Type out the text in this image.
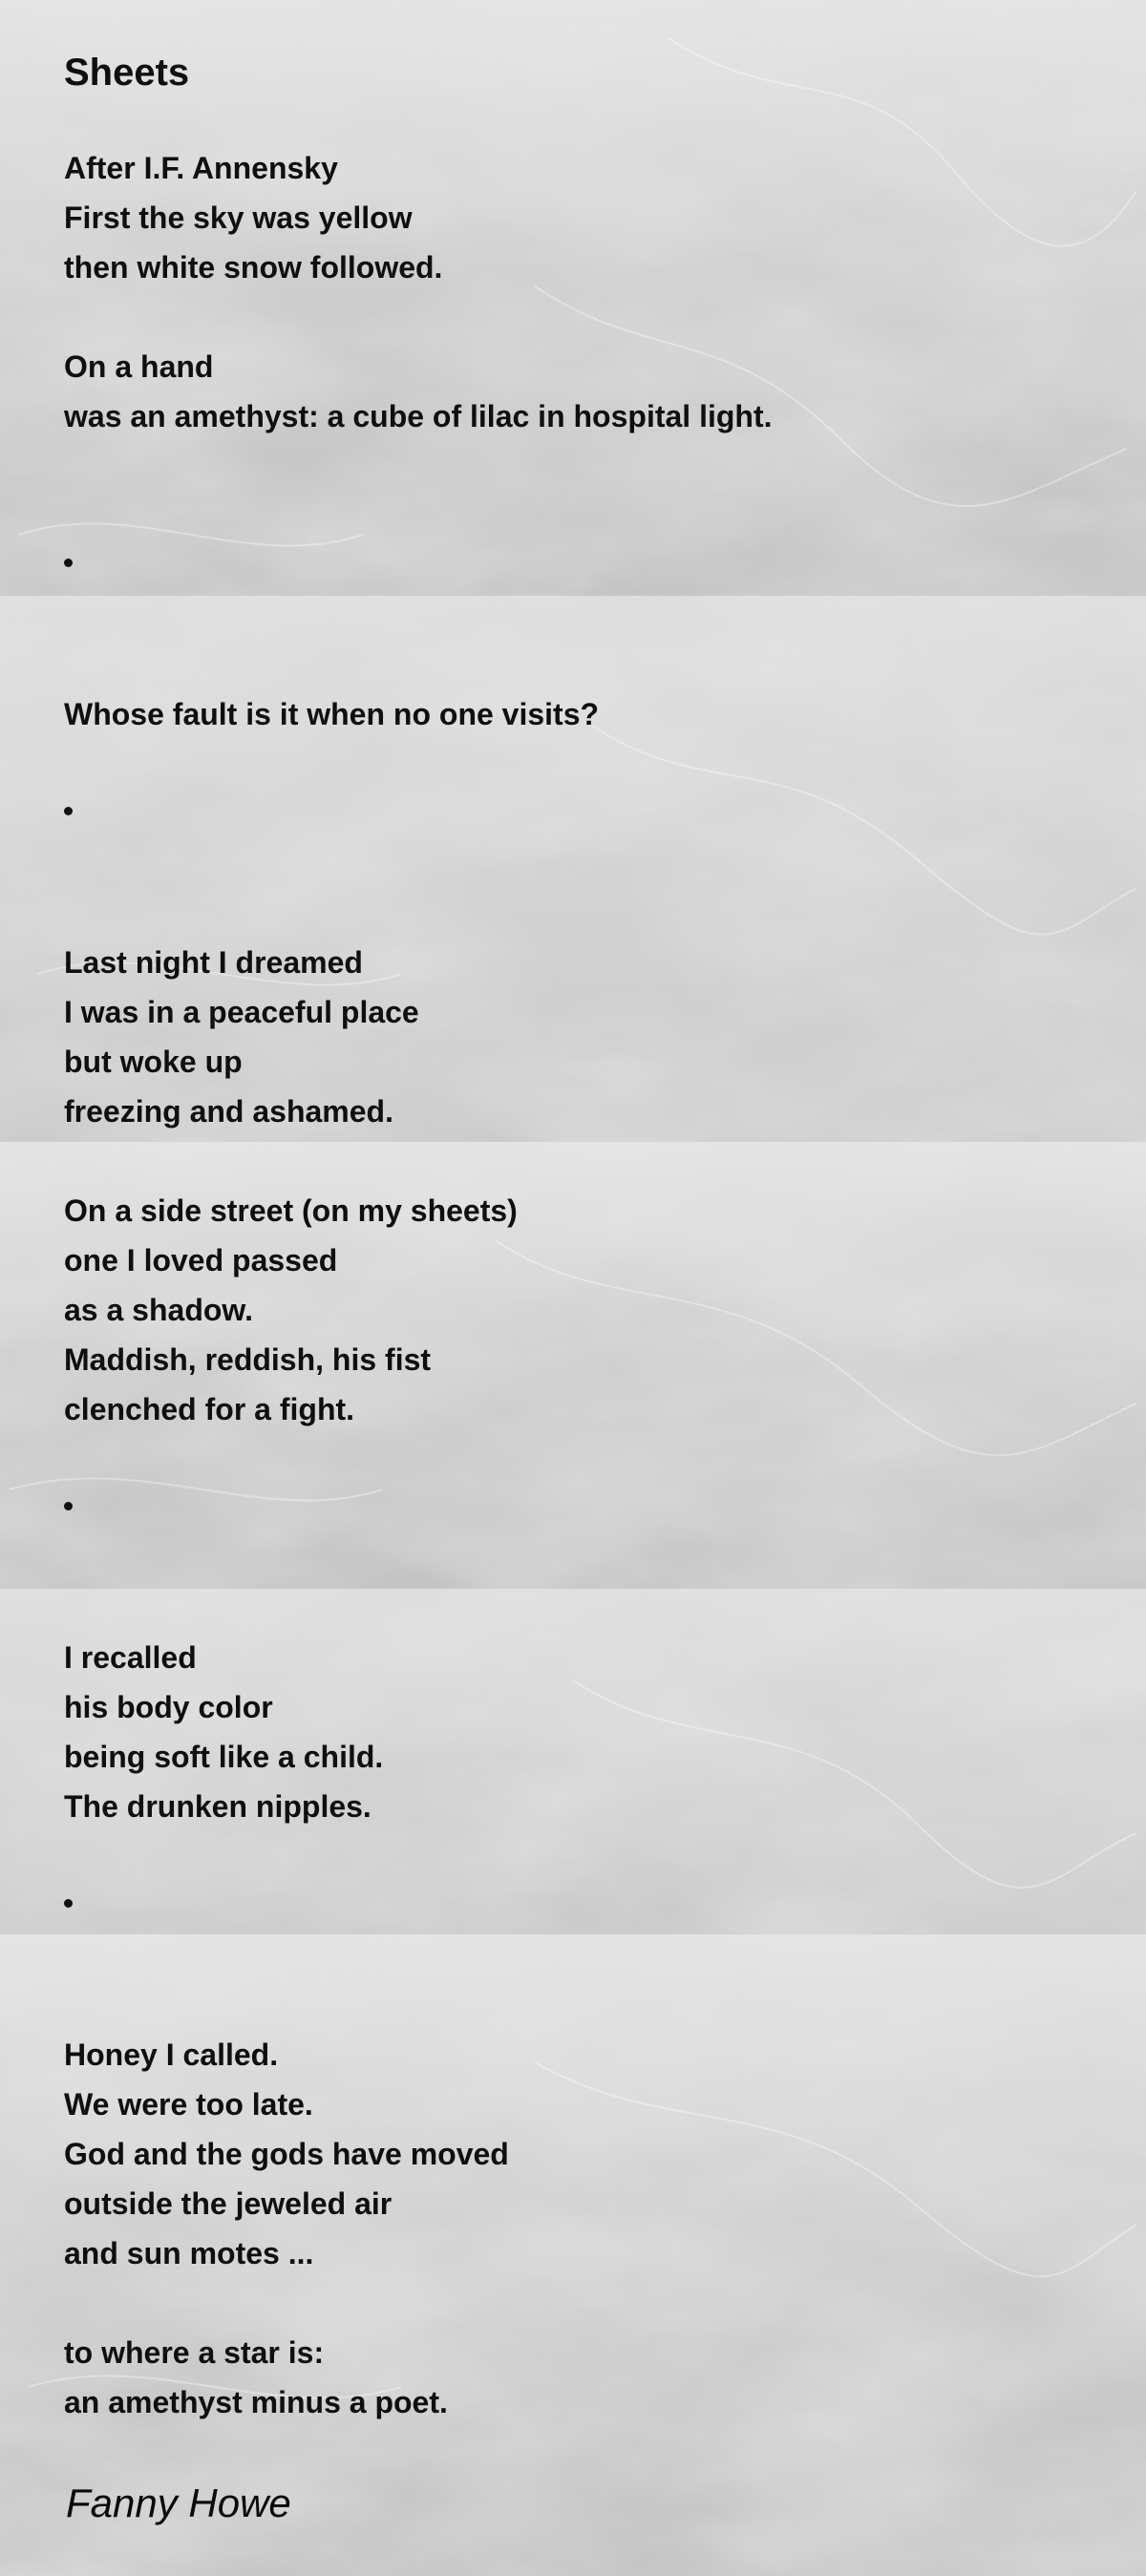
Sheets
After I.F. Annensky
First the sky was yellow
then white snow followed.
On a hand
was an amethyst: a cube of lilac in hospital light.
Whose fault is it when no one visits?
Last night I dreamed
I was in a peaceful place
but woke up
freezing and ashamed.
On a side street (on my sheets)
one I loved passed
as a shadow.
Maddish, reddish, his fist
clenched for a fight.
I recalled
his body color
being soft like a child.
The drunken nipples.
Honey I called.
We were too late.
God and the gods have moved
outside the jeweled air
and sun motes ...
to where a star is:
an amethyst minus a poet.
Fanny Howe
